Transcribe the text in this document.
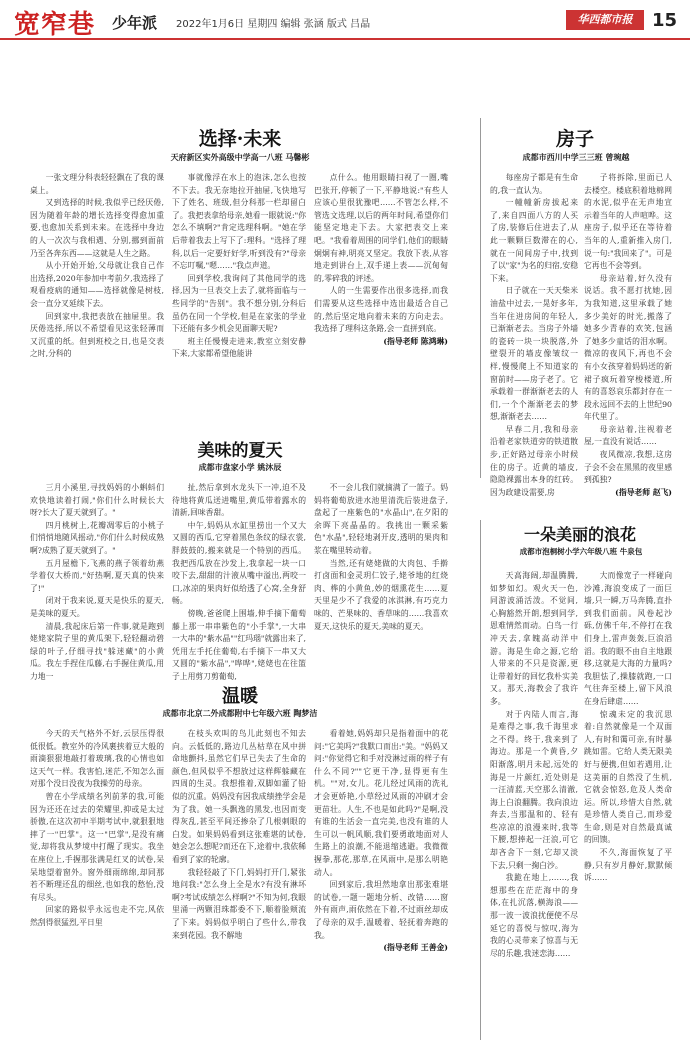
宽窄巷 少年派 2022年1月6日 星期四 编辑 张涵 版式 吕晶	华西都市报	15
选择·未来
天府新区实外高级中学高一八班 马馨彬

一张文理分科表轻轻飘在了我的课桌上。

又到选择的时候,我似乎已经厌倦,因为随着年龄的增长选择变得愈加重要,也愈加关系到未来。在选择中身边的人一次次与我相遇、分别,挪到面前乃至各奔东西——这就是人生之路。

从小开始开始,父母就让我自己作出选择,2020年参加中考前夕,我选择了观看疫病的通知——选择就像是树枝,会一直分叉延续下去。

回到家中,我把表放在抽屉里。我厌倦选择,所以不希望看见这张轻薄而又沉重的纸。但到班校之日,也是交表之时,分科的

事就像浮在水上的泡沫,怎么也按不下去。我无奈地拉开抽屉,飞快地写下了姓名、班级,但分科那一栏却留白了。我把表拿给母亲,她看一眼就说:"你怎么不填啊?"肯定选理科啊。"她在学后带着我去上写下了:理科。"选择了理科,以后一定要好好学,听到没有?"母亲不忘叮嘱,"嗯……"我点声道。

回到学校,我询问了其他同学的选择,因为一旦表交上去了,就将面临与一些同学的"告别"。我不想分别,分科后虽仍在同一个学校,但是在家张的学业下还能有多少机会见面聊天呢?

班主任慢慢走进来,教室立刻安静下来,大家都希望他能讲

点什么。他用眼睛扫视了一圈,嘴巴张开,停顿了一下,平静地说:"有些人应该心里很犹豫吧……不管怎么样,不管选文选理,以后的两年时间,希望你们能坚定地走下去。大家把表交上来吧。"我看着周围的同学们,他们的眼睛炯炯有神,明亮又坚定。我放下表,从容地走到讲台上,双手递上表——沉甸甸的,零碎我的评述。

人的一生需要作出很多选择,而我们需要从这些选择中选出最适合自己的,然后坚定地向着未来的方向走去。我选择了理科这条路,会一直拼到底。

(指导老师 陈鸿琳)

房子
成都市西川中学三三班 曾琬越

每座房子都是有生命的,我一直认为。

一幢幢新房拔起来了,来自四面八方的人买了房,装修后住进去了,从此一颗颗巨数滞在的心,就在一间间房子中,找到了以"家"为名的归宿,安稳下来。

日子就在一天天柴米油盐中过去,一晃好多年,当年住进房间的年轻人,已渐渐老去。当房子外墙的瓷砖一块一块脱落,外壁裂开的墙皮像皱纹一样,慢慢爬上不知道家的窗前时——房子老了。它承载着一群渐渐老去的人们,一个个渐渐老去的梦想,渐渐老去……

早春二月,我和母亲沿着老家铁道旁的铁道散步,正好路过母亲小时候住的房子。近黄的墙皮,隐隐裸露出本身的红砖。因为政建设需要,房

子将拆除,里面已人去楼空。楼底积着地棉网的水泥,似乎在无声地宣示着当年的人声喧哗。这座房子,似乎还在等待着当年的人,重新推入房门,说一句:"我回来了"。可是它再也不会等到。

母亲站着,好久没有说话。我不愿打扰她,因为我知道,这里承载了她多少美好的时光,搬落了她多少青春的欢笑,包涵了她多少童话的泪水啊。微凉的夜风下,再也不会有小女孩穿着妈妈送的新裙子疯玩着穿梭楼道,所有的喜怒哀乐都封存在一段永远回不去的上世纪90年代里了。

母亲站着,注视着老屋,一直没有说话……

夜风微凉,我想,这房子会不会在黑黑的夜里感到孤独?

(指导老师 赵飞)

美味的夏天
成都市盘家小学 姚沐辰

三月小溪里,寻找妈妈的小蝌蚪们欢快地读着打闹,"你们什么时候长大呀?长大了夏天就到了。"

四月桃树上,花瓣凋零后的小桃子们悄悄地随风摇动,"你们什么时候成熟啊?成熟了夏天就到了。"

五月屋檐下,飞燕的燕子领着幼燕学着仅大桥而,"好热啊,夏天真的快来了!"

闭对于我来说,夏天是快乐的夏天,是美味的夏天。

清晨,我起床后第一件事,就是跑到姥姥家院子里的黄瓜架下,轻轻翻动碧绿的叶子,仔细寻找"躲迷藏"的小黄瓜。我左手捏住瓜藤,右手握住黄瓜,用力地一

扯,然后拿到水龙头下一冲,迫不及待地将黄瓜送进嘴里,黄瓜带着露水的清新,回味香甜。

中午,妈妈从水缸里捞出一个又大又圆的西瓜,它穿着黑色条纹的绿衣裳,胖鼓鼓的,搬来就是一个特别的西瓜。我把西瓜放在沙发上,我拿起一块一口咬下去,甜甜的汁液从嘴中溢出,两咬一口,冰凉的果肉好似给透了心窝,全身舒畅。

傍晚,爸爸爬上围墙,伸手摘下葡萄藤上那一串串紫色的"小手掌",一大串一大串的"紫水晶""红玛瑙"就露出来了,凭用左手托住葡萄,右手摘下一串又大又圆的"紫水晶","哗哗",姥姥也在往篮子上用剪刀剪葡萄,

不一会儿我们就摘满了一篮子。妈妈将葡萄放进水池里清洗后装进盘子,盘起了一座紫色的"水晶山",在夕阳的余晖下亮晶晶的。我挑出一颗采紫色"水晶",轻轻地剥开皮,透明的果肉和浆在嘴里转动着。

当然,还有姥姥做的大肉包、手擀打卤面和金灵玥仁饺子,姥爷地的红烧肉、桦的小黄鱼,妙的烟熏花生……夏天里是少不了我爱的冰淇淋,有巧克力味的、芒果味的、香草味的……我喜欢夏天,这快乐的夏天,美味的夏天。

一朵美丽的浪花
成都市泡桐树小学六年级八班 牛泉包

天高海阔,却温腾腾,如梦如幻。观火天一色,同游波涌活泼。不觉间,心胸豁然开朗,想到同学,恩难情然而动。白鸟一行冲天去,拿魄高动洋中游。海是生命之源,它给人带来的不只是资源,更让带着好的回忆我朴实美又。那天,海教会了我许多。

对于内陆人而言,海是难得之事,我千海里求之不得。终于,我来到了海边。那是一个黄昏,夕阳渐落,明月未起,远处的海是一片颜红,近处则是一汪清蓝,天空那么清澈,海上白浪翻腾。我向浪边奔去,当那温和的、轻有些凉凉的浪漫来时,我等下腰,想捧起一汪浪,可它却吝舍下一刻,它却又淡下去,只剩一掬白沙。

我跪在地上,……,我想那些在茫茫海中的身体,在扎沉落,横海浪——那一波一波浪扰便使不尽延它的喜悦与惊叹,海为我的心灵带来了惊喜与无尽的乐趣,我迷恋海……

大而像宽子一样碰向沙滩,海浪变成了一面巨墙,只一瞬,万马奔腾,直扑到我们面前。风卷起沙砾,仿佛千年,不停打在我们身上,雷声轰轰,巨浪滔滔。我的眼不由自主地跟移,这就是大海的力量吗?我胆怯了,操膝就跑,一口气往奔至楼上,留下风浪在身后肆虐……

惊魂未定的我沉思着:自然就像是一个双面人,有时和霭可亲,有时暴跳如雷。它给人类无限美好与便携,但如若遇用,让这美丽的自然没了生机,它就会惊怒,危及人类命运。所以,珍惜大自然,就是珍惜人类自己,而珍爱生命,则是对自然最真诚的回馈。

不久,海面恢复了平静,只有岁月静好,默默倾诉……

温暖
成都市北京二外成都附中七年级六班 陶梦洁

今天的天气格外不好,云层压得很低很低。教室外的冷风裹挟着豆大般的雨滴狠狠地敲打着玻璃,我的心情也如这天气一样。我害怕,迷茫,不知怎么面对那个没日没夜为我操劳的母亲。

曾在小学成绩名列前茅的我,可能因为还还在过去的荣耀里,抑或是太过骄傲,在这次初中半期考试中,就狠狠地摔了一"巴掌"。这一"巴掌",是没有痛觉,却将我从梦境中打醒了现实。我坐在座位上,手握那张满是红叉的试卷,呆呆地望着窗外。窗外细雨绵绵,却同那若不断理还乱的细丝,也如我的愁怡,没有尽头。

回家的路似乎永远也走不完,风依然刮得很猛烈,平日里

在枝头欢叫的鸟儿此刻也不知去向。云低低的,路边几丛枯草在风中拼命地颤抖,虽然它们早已失去了生命的颜色,但风似乎不想放过这样辉躲藏在四周的生灵。我想推着,双脚如灌了铅似的沉重。妈妈没有因我成绩挫学会是为了我。她一头飘逸的黑发,也因而变得灰乱,甚至平间还掺杂了几根刺眼的白发。如果妈妈看到这张难堪的试卷,她会怎么想呢?而还在下,途着中,我依稀看到了家的轮廓。

我轻轻敲了下门,妈妈打开门,紧张地问我:"怎么身上全是水?有没有淋坏啊?考试成绩怎么样啊?"不知为何,我眼里涌一两颗泪珠都委不下,顺着脸颊流了下来。妈妈似乎明白了些什么,带我来到花园。我不解地

看着她,妈妈却只是指着面中的花问:"它美吗?"我默口而出:"美。"妈妈又问:"你觉得它和手对没淋过雨的样子有什么不同?""它更干净,显得更有生机。""对,女儿。花儿经过风雨的洗礼才会更娇艳,小草经过风雨的冲刷才会更苗壮。人生,不也是如此吗?"是啊,没有谁的生活会一直完美,也没有谁的人生可以一帆风顺,我们要勇敢地面对人生路上的浪潮,不能退缩逃避。我微微握拳,那花,那草,在风雨中,是那么明艳动人。

回到家后,我坦然地拿出那张难堪的试卷,一题一题地分析、改错……窗外有雨声,雨依然在下着,不过雨丝却成了母亲的双手,温暖着、轻抚着奔跑的我。

(指导老师 王善金)
